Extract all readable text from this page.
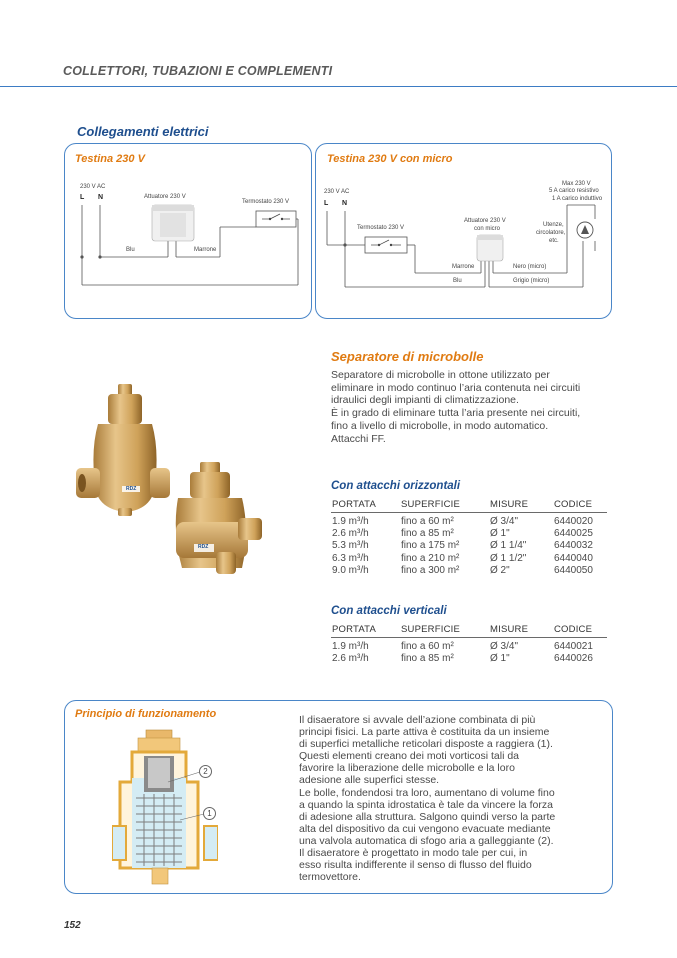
COLLETTORI, TUBAZIONI E COMPLEMENTI
Collegamenti elettrici
Testina 230 V
230 V AC
L N	Attuatore 230 V
Termostato 230 V
Blu	Marrone
Testina 230 V con micro
230 V AC
L N
Termostato 230 V
Attuatore 230 V
con micro
Max 230 V
5 A carico resistivo
1 A carico induttivo
Utenze,
circolatore,
etc.
Marrone	Nero (micro)
Blu	Grigio (micro)
Separatore di microbolle
Separatore di microbolle in ottone utilizzato per
eliminare in modo continuo l’aria contenuta nei circuiti
idraulici degli impianti di climatizzazione.
È in grado di eliminare tutta l’aria presente nei circuiti,
fino a livello di microbolle, in modo automatico.
Attacchi FF.
RDZ
RDZ
Con attacchi orizzontali
PORTATA	SUPERFICIE	MISURE	CODICE
1.9 m³/h	fino a 60 m²	Ø 3/4"	6440020
2.6 m³/h	fino a 85 m²	Ø 1"	6440025
5.3 m³/h	fino a 175 m²	Ø 1 1/4"	6440032
6.3 m³/h	fino a 210 m²	Ø 1 1/2"	6440040
9.0 m³/h	fino a 300 m²	Ø 2"	6440050
Con attacchi verticali
PORTATA	SUPERFICIE	MISURE	CODICE
1.9 m³/h	fino a 60 m²	Ø 3/4"	6440021
2.6 m³/h	fino a 85 m²	Ø 1"	6440026
Principio di funzionamento
2
1
Il disaeratore si avvale dell’azione combinata di più
principi fisici. La parte attiva è costituita da un insieme
di superfici metalliche reticolari disposte a raggiera (1).
Questi elementi creano dei moti vorticosi tali da
favorire la liberazione delle microbolle e la loro
adesione alle superfici stesse.
Le bolle, fondendosi tra loro, aumentano di volume fino
a quando la spinta idrostatica è tale da vincere la forza
di adesione alla struttura. Salgono quindi verso la parte
alta del dispositivo da cui vengono evacuate mediante
una valvola automatica di sfogo aria a galleggiante (2).
Il disaeratore è progettato in modo tale per cui, in
esso risulta indifferente il senso di flusso del fluido
termovettore.
152
